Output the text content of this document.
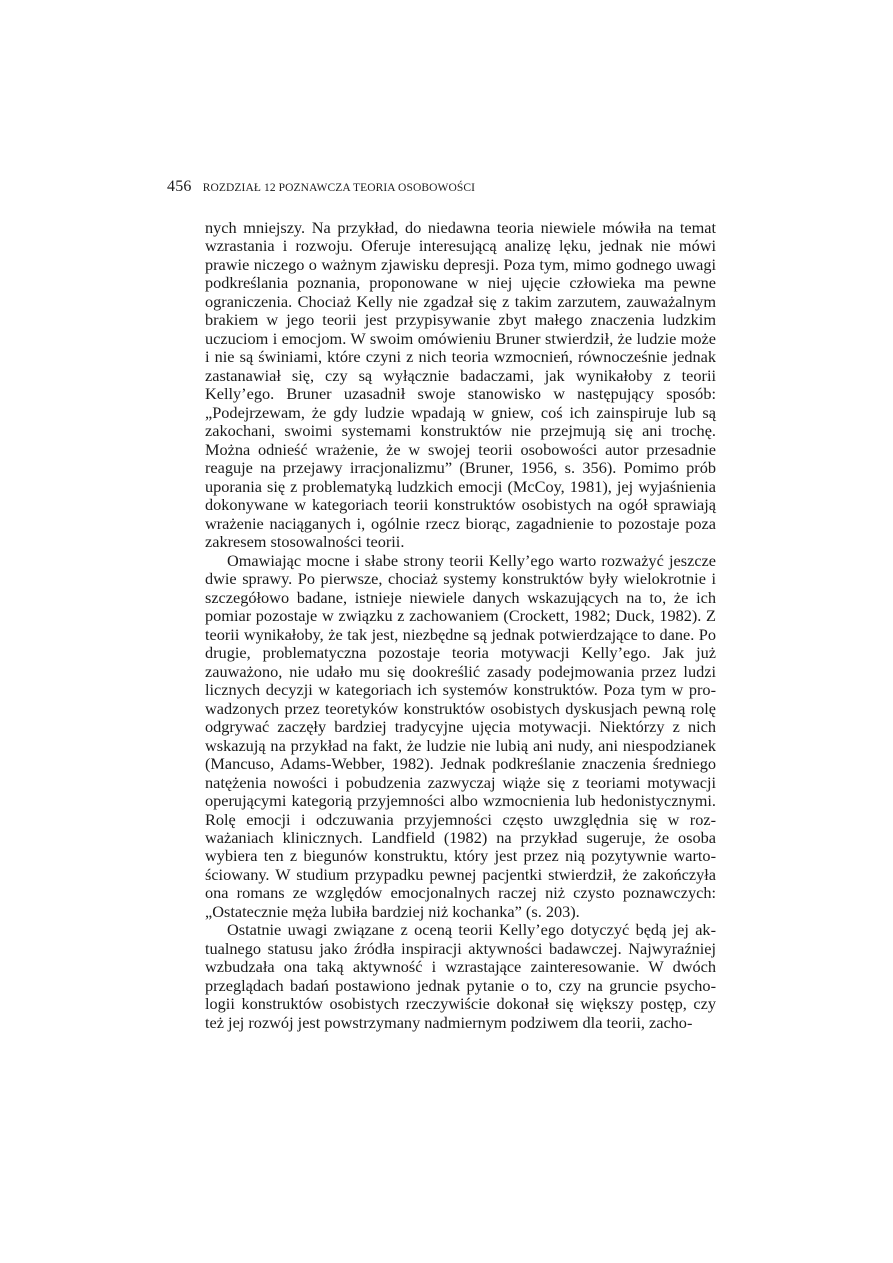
456 ROZDZIAŁ 12 POZNAWCZA TEORIA OSOBOWOŚCI

nych mniejszy. Na przykład, do niedawna teoria niewiele mówiła na temat wzrastania i rozwoju. Oferuje interesującą analizę lęku, jednak nie mówi prawie niczego o ważnym zjawisku depresji. Poza tym, mimo godnego uwagi podkreślania poznania, proponowane w niej ujęcie człowieka ma pewne ograniczenia. Chociaż Kelly nie zgadzał się z takim zarzutem, zauważalnym brakiem w jego teorii jest przypisywanie zbyt małego znaczenia ludzkim uczuciom i emocjom. W swoim omówieniu Bruner stwierdził, że ludzie może i nie są świniami, które czyni z nich teoria wzmocnień, równocześnie jednak zastanawiał się, czy są wyłącznie badaczami, jak wynikałoby z teorii Kelly’ego. Bruner uzasadnił swoje stanowisko w następujący sposób: „Podejrzewam, że gdy ludzie wpadają w gniew, coś ich zainspiruje lub są zakochani, swoimi systemami konstruktów nie przejmują się ani trochę. Można odnieść wrażenie, że w swojej teorii osobowości autor przesadnie reaguje na przejawy irracjonalizmu” (Bruner, 1956, s. 356). Pomimo prób uporania się z problematyką ludzkich emocji (McCoy, 1981), jej wyjaśnienia dokonywane w kategoriach teorii konstruktów osobistych na ogół sprawiają wrażenie naciąganych i, ogólnie rzecz biorąc, zagadnienie to pozostaje poza zakresem stosowalności teorii.

Omawiając mocne i słabe strony teorii Kelly’ego warto rozważyć jeszcze dwie sprawy. Po pierwsze, chociaż systemy konstruktów były wielokrotnie i szczegółowo badane, istnieje niewiele danych wskazujących na to, że ich pomiar pozostaje w związku z zachowaniem (Crockett, 1982; Duck, 1982). Z teorii wynikałoby, że tak jest, niezbędne są jednak potwierdzające to dane. Po drugie, problematyczna pozostaje teoria motywacji Kelly’ego. Jak już zauważono, nie udało mu się dookreślić zasady podejmowania przez ludzi licznych decyzji w kategoriach ich systemów konstruktów. Poza tym w prowadzonych przez teoretyków konstruktów osobistych dyskusjach pewną rolę odgrywać zaczęły bardziej tradycyjne ujęcia motywacji. Niektórzy z nich wskazują na przykład na fakt, że ludzie nie lubią ani nudy, ani niespodzianek (Mancuso, Adams-Webber, 1982). Jednak podkreślanie znaczenia średniego natężenia nowości i pobudzenia zazwyczaj wiąże się z teoriami motywacji operującymi kategorią przyjemności albo wzmocnienia lub hedonistycznymi. Rolę emocji i odczuwania przyjemności często uwzględnia się w rozważaniach klinicznych. Landfield (1982) na przykład sugeruje, że osoba wybiera ten z biegunów konstruktu, który jest przez nią pozytywnie wartościowany. W studium przypadku pewnej pacjentki stwierdził, że zakończyła ona romans ze względów emocjonalnych raczej niż czysto poznawczych: „Ostatecznie męża lubiła bardziej niż kochanka” (s. 203).

Ostatnie uwagi związane z oceną teorii Kelly’ego dotyczyć będą jej aktualnego statusu jako źródła inspiracji aktywności badawczej. Najwyraźniej wzbudzała ona taką aktywność i wzrastające zainteresowanie. W dwóch przeglądach badań postawiono jednak pytanie o to, czy na gruncie psychologii konstruktów osobistych rzeczywiście dokonał się większy postęp, czy też jej rozwój jest powstrzymany nadmiernym podziwem dla teorii, zacho-
